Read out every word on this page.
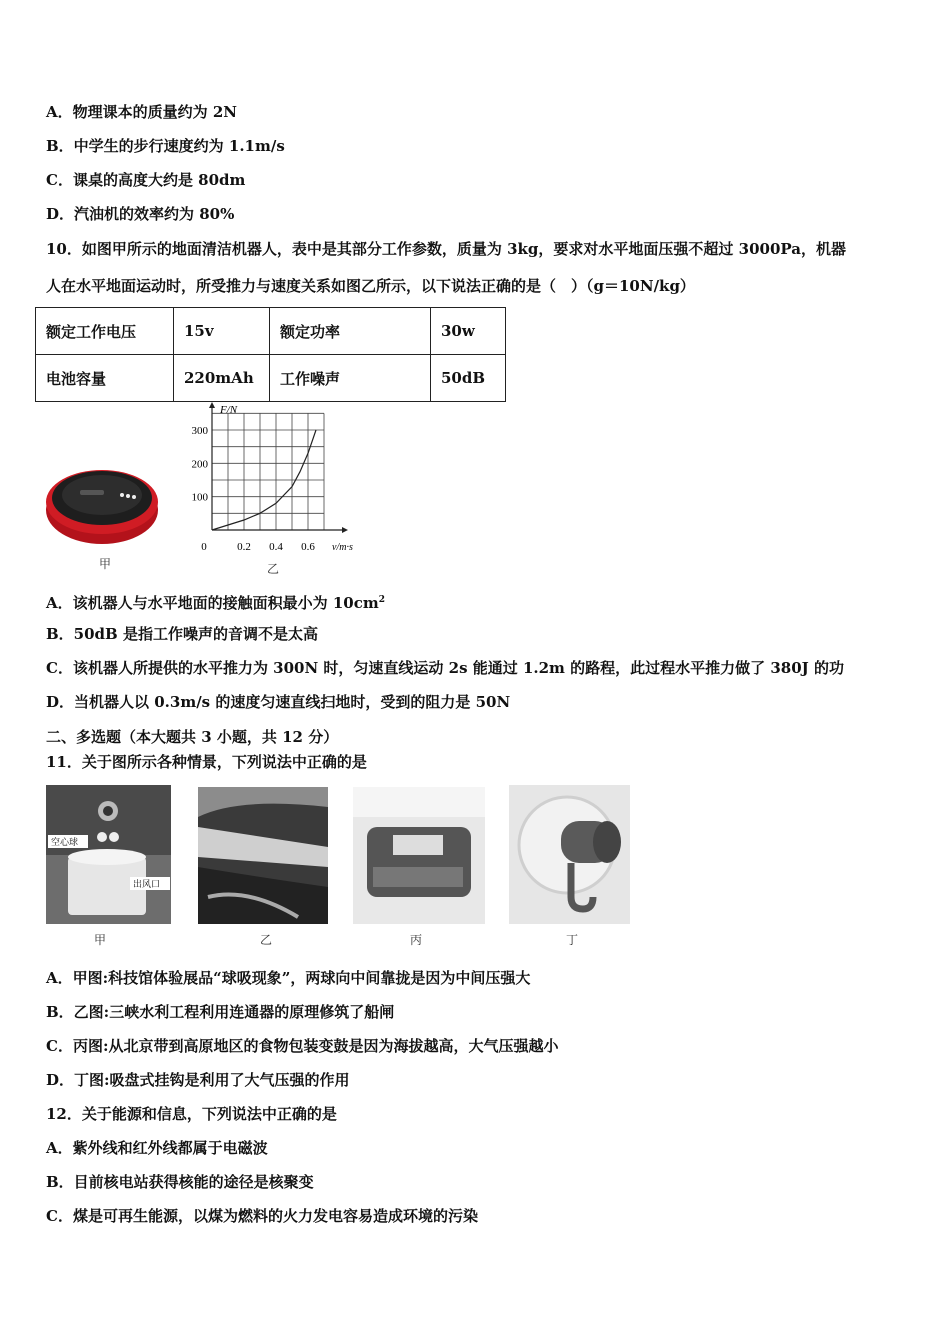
A．物理课本的质量约为 2N
B．中学生的步行速度约为 1.1m/s
C．课桌的高度大约是 80dm
D．汽油机的效率约为 80%
10．如图甲所示的地面清洁机器人，表中是其部分工作参数，质量为 3kg，要求对水平地面压强不超过 3000Pa，机器
人在水平地面运动时，所受推力与速度关系如图乙所示，以下说法正确的是（　）（g＝10N/kg）
额定工作电压	15v	额定功率	30w
电池容量	220mAh	工作噪声	50dB
甲
F/N
v/m·s
300
200
100
0	0.2 0.4 0.6
乙
A．该机器人与水平地面的接触面积最小为 $10cm^2$
B．50dB 是指工作噪声的音调不是太高
C．该机器人所提供的水平推力为 300N 时，匀速直线运动 2s 能通过 1.2m 的路程，此过程水平推力做了 380J 的功
D．当机器人以 0.3m/s 的速度匀速直线扫地时，受到的阻力是 50N
二、多选题（本大题共 3 小题，共 12 分）
11．关于图所示各种情景，下列说法中正确的是
空心球
出风口
甲	乙	丙	丁
A．甲图:科技馆体验展品“球吸现象”，两球向中间靠拢是因为中间压强大
B．乙图:三峡水利工程利用连通器的原理修筑了船闸
C．丙图:从北京带到高原地区的食物包装变鼓是因为海拔越高，大气压强越小
D．丁图:吸盘式挂钩是利用了大气压强的作用
12．关于能源和信息，下列说法中正确的是
A．紫外线和红外线都属于电磁波
B．目前核电站获得核能的途径是核聚变
C．煤是可再生能源，以煤为燃料的火力发电容易造成环境的污染
